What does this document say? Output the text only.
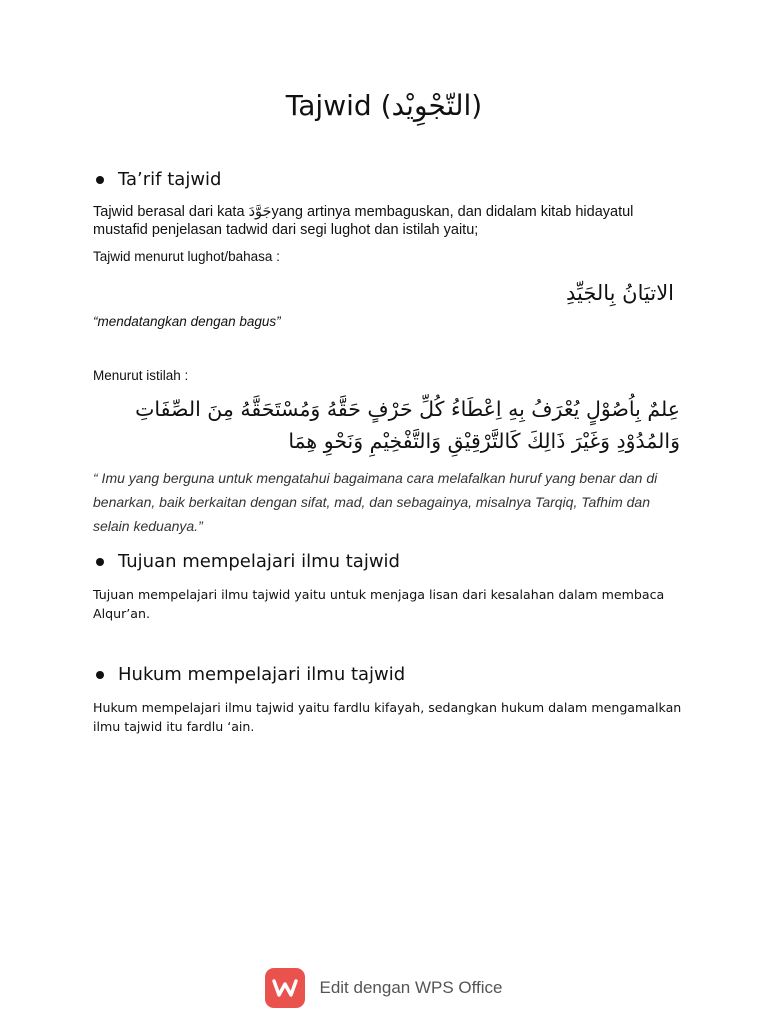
Tajwid (التّجْوِيْد)
Ta’rif tajwid

Tajwid berasal dari kata جَوَّدَyang artinya membaguskan, dan didalam kitab hidayatul mustafid penjelasan tadwid dari segi lughot dan istilah yaitu;

Tajwid menurut lughot/bahasa :

الاتيَانُ بِالجَيِّدِ

“mendatangkan dengan bagus”

Menurut istilah :

عِلمٌ بِاُصُوْلٍ يُعْرَفُ بِهِ اِعْطَاءُ كُلِّ حَرْفٍ حَقَّهُ وَمُسْتَحَقَّهُ مِنَ الصِّفَاتِ وَالمُدُوْدِ وَغَيْرَ ذَالِكَ كَالتَّرْقِيْقِ وَالتَّفْخِيْمِ وَنَحْوِ هِمَا

“ Imu yang berguna untuk mengatahui bagaimana cara melafalkan huruf yang benar dan di benarkan, baik berkaitan dengan sifat, mad, dan sebagainya, misalnya Tarqiq, Tafhim dan selain keduanya.”

Tujuan mempelajari ilmu tajwid

Tujuan mempelajari ilmu tajwid yaitu untuk menjaga lisan dari kesalahan dalam membaca Alqur’an.

Hukum mempelajari ilmu tajwid

Hukum mempelajari ilmu tajwid yaitu fardlu kifayah, sedangkan hukum dalam mengamalkan ilmu tajwid itu fardlu ‘ain.

Edit dengan WPS Office
